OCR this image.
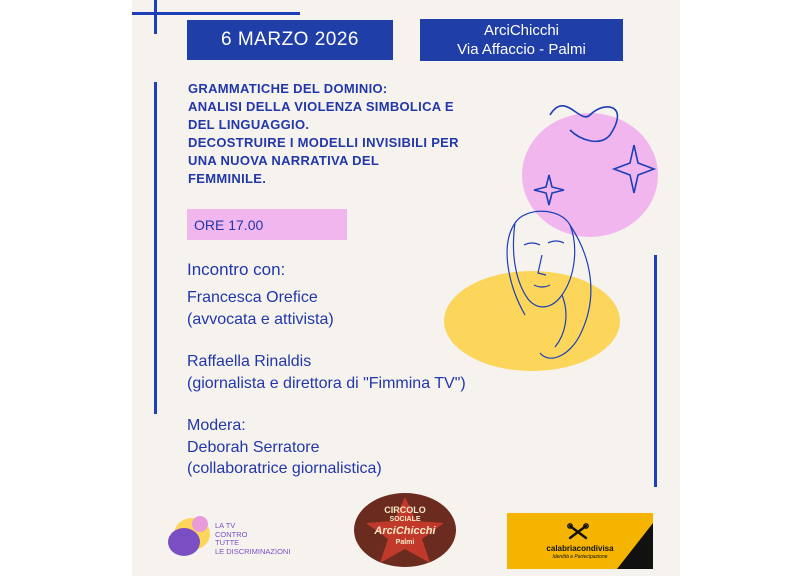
6 MARZO 2026	ArciChicchi
Via Affaccio - Palmi
GRAMMATICHE DEL DOMINIO:
ANALISI DELLA VIOLENZA SIMBOLICA E
DEL LINGUAGGIO.
DECOSTRUIRE I MODELLI INVISIBILI PER
UNA NUOVA NARRATIVA DEL
FEMMINILE.
ORE 17.00
Incontro con:
Francesca Orefice
(avvocata e attivista)
Raffaella Rinaldis
(giornalista e direttora di "Fimmina TV")
Modera:
Deborah Serratore
(collaboratrice giornalistica)
LA TV
CONTRO
TUTTE
LE DISCRIMINAZIONI
CIRCOLO
SOCIALE
ArciChicchi
Palmi
calabriacondivisa
Identità e Partecipazione
